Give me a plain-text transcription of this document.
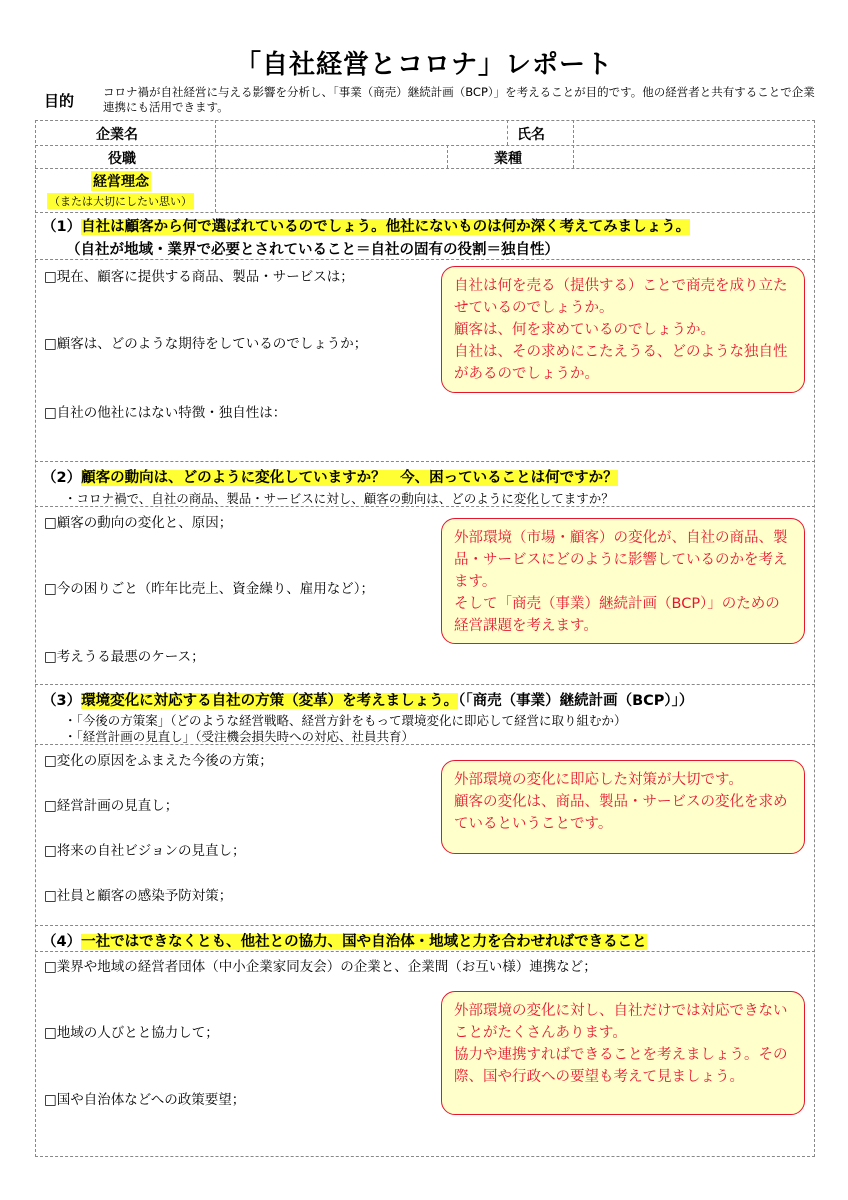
「自社経営とコロナ」レポート
目的	コロナ禍が自社経営に与える影響を分析し、「事業（商売）継続計画（BCP）」を考えることが目的です。他の経営者と共有することで企業連携にも活用できます。
企業名	氏名
役職	業種
経営理念
（または大切にしたい思い）
（1）自社は顧客から何で選ばれているのでしょう。他社にないものは何か深く考えてみましょう。
（自社が地域・業界で必要とされていること＝自社の固有の役割＝独自性）
□現在、顧客に提供する商品、製品・サービスは；
□顧客は、どのような期待をしているのでしょうか；
□自社の他社にはない特徴・独自性は：

自社は何を売る（提供する）ことで商売を成り立たせているのでしょうか。

顧客は、何を求めているのでしょうか。

自社は、その求めにこたえうる、どのような独自性があるのでしょうか。

（2）顧客の動向は、どのように変化していますか？　今、困っていることは何ですか？
・コロナ禍で、自社の商品、製品・サービスに対し、顧客の動向は、どのように変化してますか？
□顧客の動向の変化と、原因；
□今の困りごと（昨年比売上、資金繰り、雇用など）；
□考えうる最悪のケース；

外部環境（市場・顧客）の変化が、自社の商品、製品・サービスにどのように影響しているのかを考えます。

そして「商売（事業）継続計画（BCP）」のための経営課題を考えます。

（3）環境変化に対応する自社の方策（変革）を考えましょう。（「商売（事業）継続計画（BCP）」）
・「今後の方策案」（どのような経営戦略、経営方針をもって環境変化に即応して経営に取り組むか）
・「経営計画の見直し」（受注機会損失時への対応、社員共育）
□変化の原因をふまえた今後の方策；
□経営計画の見直し；
□将来の自社ビジョンの見直し；
□社員と顧客の感染予防対策；

外部環境の変化に即応した対策が大切です。

顧客の変化は、商品、製品・サービスの変化を求めているということです。

（4）一社ではできなくとも、他社との協力、国や自治体・地域と力を合わせればできること
□業界や地域の経営者団体（中小企業家同友会）の企業と、企業間（お互い様）連携など；
□地域の人びとと協力して；
□国や自治体などへの政策要望；

外部環境の変化に対し、自社だけでは対応できないことがたくさんあります。

協力や連携すればできることを考えましょう。その際、国や行政への要望も考えて見ましょう。
